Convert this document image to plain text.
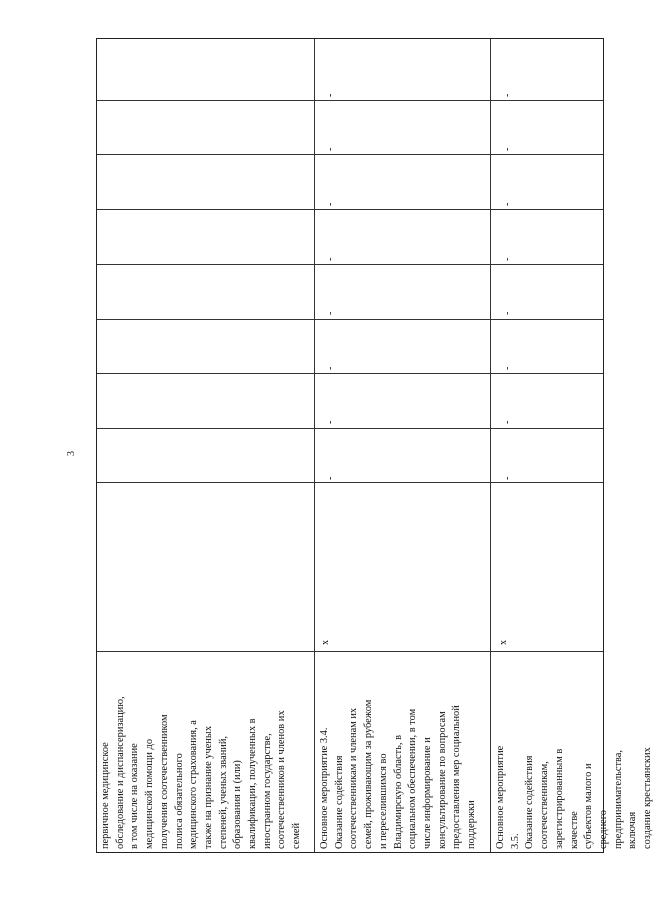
3
первичное медицинское
обследование и диспансеризацию,
в том числе на оказание
медицинской помощи до
получения соотечественником
полиса обязательного
медицинского страхования, а
также на признание ученых
степеней, ученых званий,
образования и (или)
квалификации, полученных в
иностранном государстве,
соотечественников и членов их
семей Основное мероприятие 3.4.
Оказание содействия
соотечественникам и членам их
семей, проживающим за рубежом
и переселившимся во
Владимирскую область, в
социальном обеспечении, в том
числе информирование и
консультирование по вопросам
предоставления мер социальной
поддержки
х
-
-
-
-
-
-
-
-
Основное мероприятие 3.5.
Оказание содействия
соотечественникам,
зарегистрированным в качестве
субъектов малого и среднего
предпринимательства, включая
создание крестьянских
х
-
-
-
-
-
-
-
-
